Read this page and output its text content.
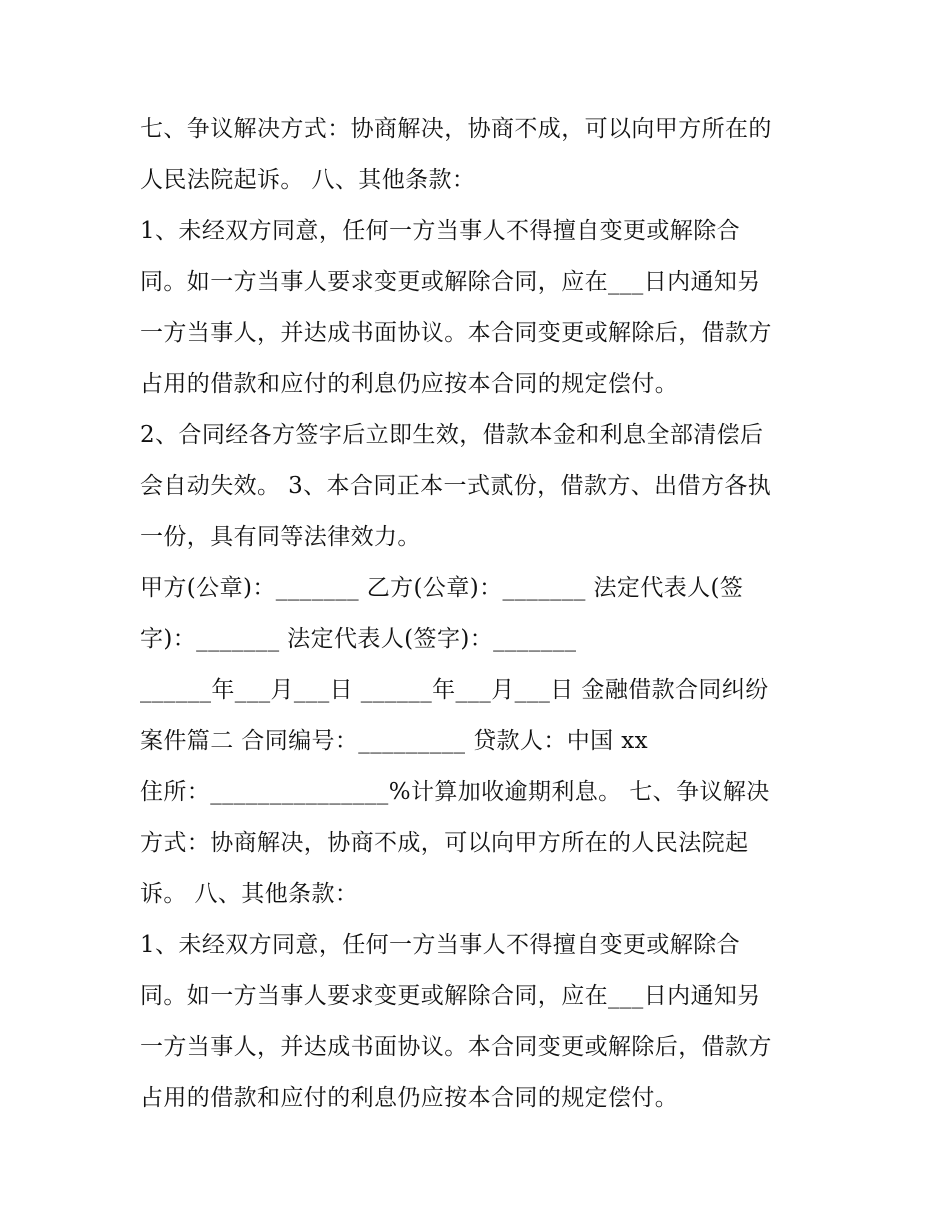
七、争议解决方式：协商解决，协商不成，可以向甲方所在的
人民法院起诉。 八、其他条款：
1、未经双方同意，任何一方当事人不得擅自变更或解除合
同。如一方当事人要求变更或解除合同，应在___日内通知另
一方当事人，并达成书面协议。本合同变更或解除后，借款方
占用的借款和应付的利息仍应按本合同的规定偿付。
2、合同经各方签字后立即生效，借款本金和利息全部清偿后
会自动失效。 3、本合同正本一式贰份，借款方、出借方各执
一份，具有同等法律效力。
甲方(公章)：_______ 乙方(公章)：_______ 法定代表人(签
字)：_______ 法定代表人(签字)：_______
______年___月___日 ______年___月___日 金融借款合同纠纷
案件篇二 合同编号：_________ 贷款人：中国 xx
住所：_______________%计算加收逾期利息。 七、争议解决
方式：协商解决，协商不成，可以向甲方所在的人民法院起
诉。 八、其他条款：
1、未经双方同意，任何一方当事人不得擅自变更或解除合
同。如一方当事人要求变更或解除合同，应在___日内通知另
一方当事人，并达成书面协议。本合同变更或解除后，借款方
占用的借款和应付的利息仍应按本合同的规定偿付。
